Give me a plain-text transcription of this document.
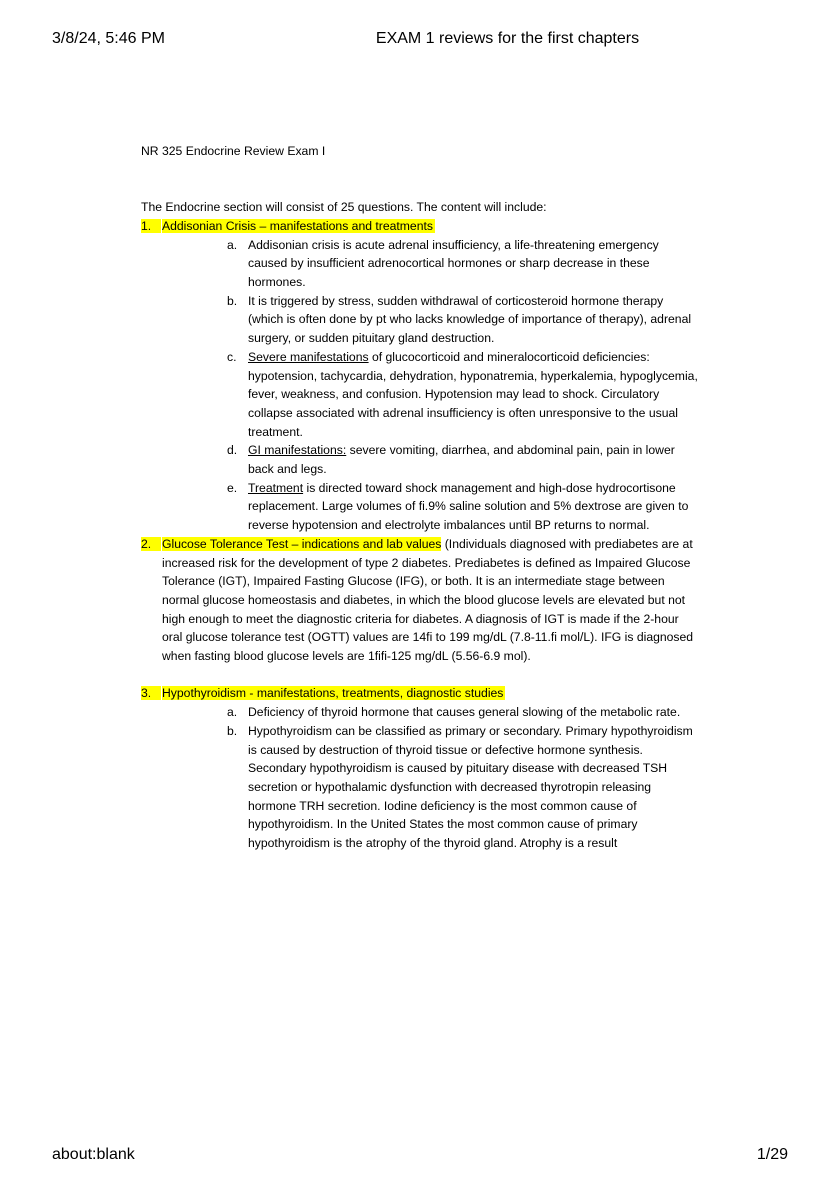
3/8/24, 5:46 PM	EXAM 1 reviews for the first chapters

NR 325 Endocrine Review Exam I

The Endocrine section will consist of 25 questions. The content will include:

1. Addisonian Crisis – manifestations and treatments
a. Addisonian crisis is acute adrenal insufficiency, a life-threatening emergency caused by insufficient adrenocortical hormones or sharp decrease in these hormones.
b. It is triggered by stress, sudden withdrawal of corticosteroid hormone therapy (which is often done by pt who lacks knowledge of importance of therapy), adrenal surgery, or sudden pituitary gland destruction.
c. Severe manifestations of glucocorticoid and mineralocorticoid deficiencies: hypotension, tachycardia, dehydration, hyponatremia, hyperkalemia, hypoglycemia, fever, weakness, and confusion. Hypotension may lead to shock. Circulatory collapse associated with adrenal insufficiency is often unresponsive to the usual treatment.
d. GI manifestations: severe vomiting, diarrhea, and abdominal pain, pain in lower back and legs.
e. Treatment is directed toward shock management and high-dose hydrocortisone replacement. Large volumes of fi.9% saline solution and 5% dextrose are given to reverse hypotension and electrolyte imbalances until BP returns to normal.
2. Glucose Tolerance Test – indications and lab values (Individuals diagnosed with prediabetes are at increased risk for the development of type 2 diabetes. Prediabetes is defined as Impaired Glucose Tolerance (IGT), Impaired Fasting Glucose (IFG), or both. It is an intermediate stage between normal glucose homeostasis and diabetes, in which the blood glucose levels are elevated but not high enough to meet the diagnostic criteria for diabetes. A diagnosis of IGT is made if the 2-hour oral glucose tolerance test (OGTT) values are 14fi to 199 mg/dL (7.8-11.fi mol/L). IFG is diagnosed when fasting blood glucose levels are 1fifi-125 mg/dL (5.56-6.9 mol).
3. Hypothyroidism - manifestations, treatments, diagnostic studies
a. Deficiency of thyroid hormone that causes general slowing of the metabolic rate.
b. Hypothyroidism can be classified as primary or secondary. Primary hypothyroidism is caused by destruction of thyroid tissue or defective hormone synthesis. Secondary hypothyroidism is caused by pituitary disease with decreased TSH secretion or hypothalamic dysfunction with decreased thyrotropin releasing hormone TRH secretion. Iodine deficiency is the most common cause of hypothyroidism. In the United States the most common cause of primary hypothyroidism is the atrophy of the thyroid gland. Atrophy is a result
about:blank	1/29
